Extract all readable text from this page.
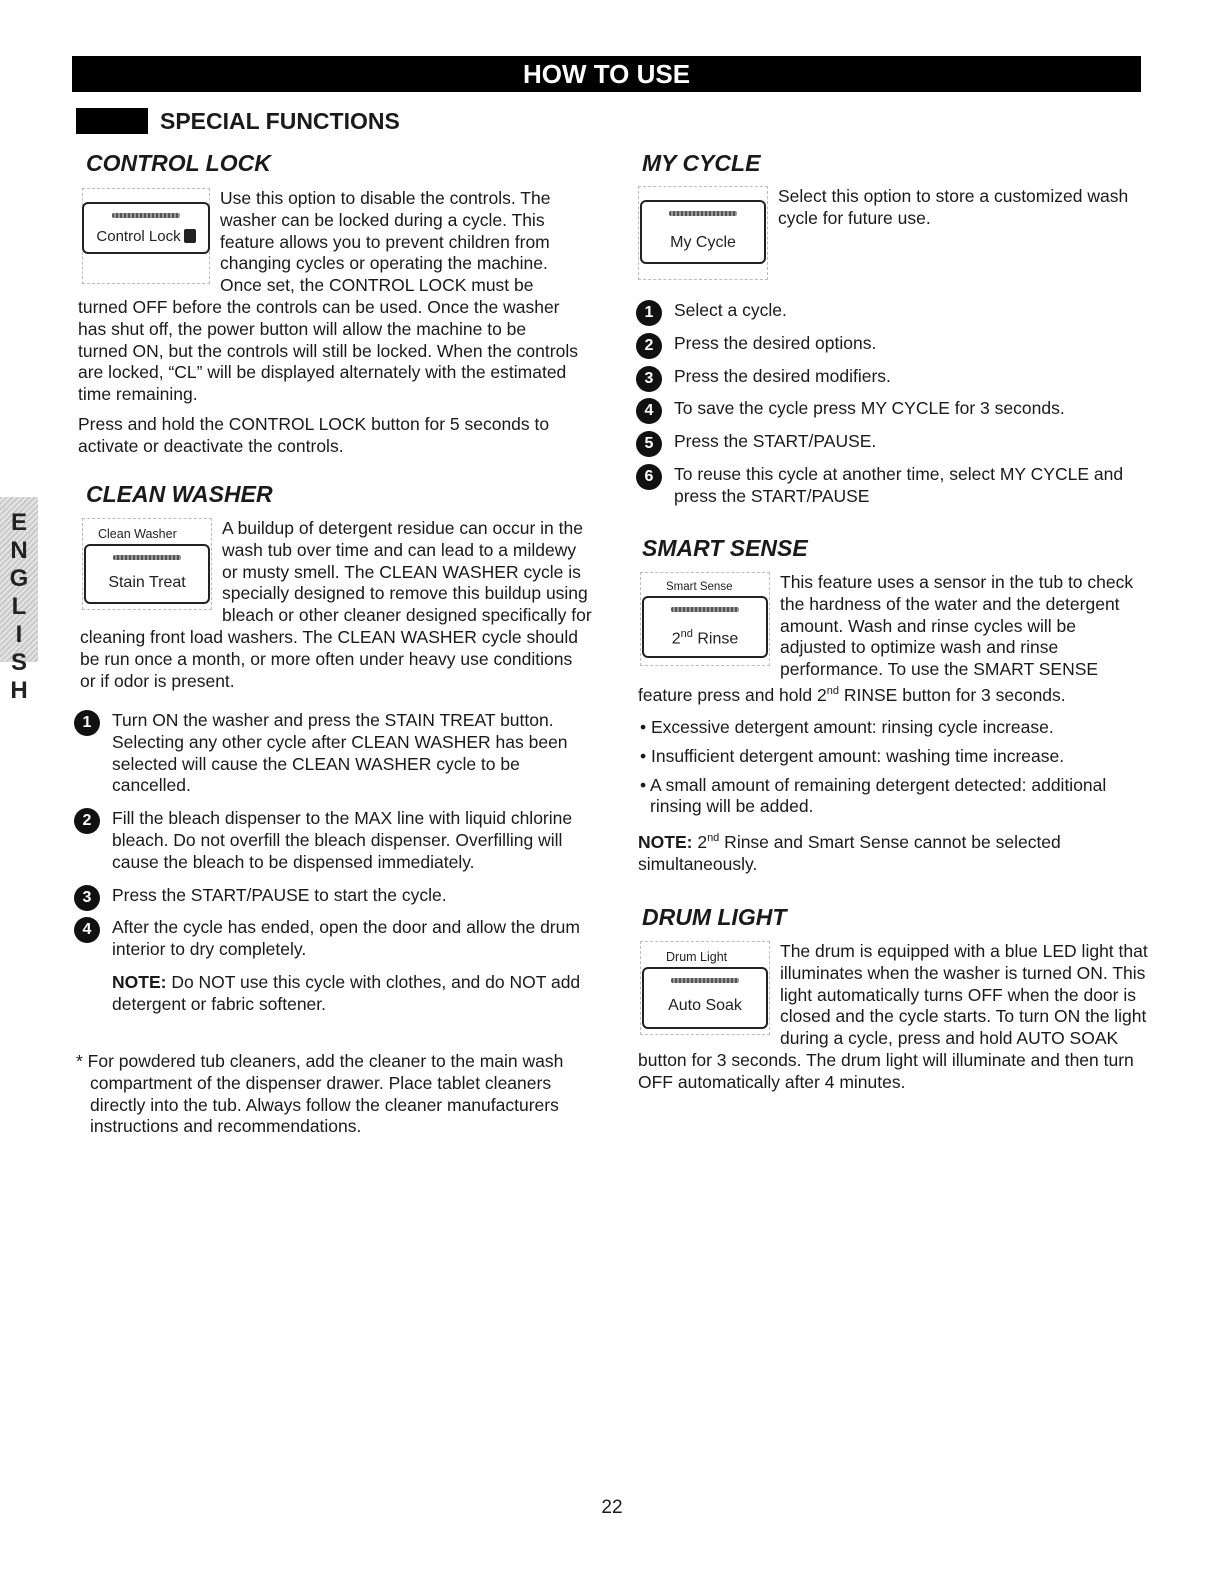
HOW TO USE
SPECIAL FUNCTIONS
E
N
G
L
I
S
H
CONTROL LOCK
Control Lock

Use this option to disable the controls. The washer can be locked during a cycle. This feature allows you to prevent children from changing cycles or operating the machine. Once set, the CONTROL LOCK must be turned OFF before the controls can be used. Once the washer has shut off, the power button will allow the machine to be turned ON, but the controls will still be locked. When the controls are locked, “CL” will be displayed alternately with the estimated time remaining.

Press and hold the CONTROL LOCK button for 5 seconds to activate or deactivate the controls.

CLEAN WASHER
Clean Washer
Stain Treat

A buildup of detergent residue can occur in the wash tub over time and can lead to a mildewy or musty smell. The CLEAN WASHER cycle is specially designed to remove this buildup using bleach or other cleaner designed specifically for cleaning front load washers. The CLEAN WASHER cycle should be run once a month, or more often under heavy use conditions or if odor is present.

1	Turn ON the washer and press the STAIN TREAT button. Selecting any other cycle after CLEAN WASHER has been selected will cause the CLEAN WASHER cycle to be cancelled.
2	Fill the bleach dispenser to the MAX line with liquid chlorine bleach. Do not overfill the bleach dispenser. Overfilling will cause the bleach to be dispensed immediately.
3	Press the START/PAUSE to start the cycle.
4	After the cycle has ended, open the door and allow the drum interior to dry completely.
NOTE: Do NOT use this cycle with clothes, and do NOT add detergent or fabric softener.

* For powdered tub cleaners, add the cleaner to the main wash compartment of the dispenser drawer. Place tablet cleaners directly into the tub. Always follow the cleaner manufacturers instructions and recommendations.

MY CYCLE
My Cycle

Select this option to store a customized wash cycle for future use.

1	Select a cycle.
2	Press the desired options.
3	Press the desired modifiers.
4	To save the cycle press MY CYCLE for 3 seconds.
5	Press the START/PAUSE.
6	To reuse this cycle at another time, select MY CYCLE and press the START/PAUSE
SMART SENSE
Smart Sense
2nd Rinse

This feature uses a sensor in the tub to check the hardness of the water and the detergent amount. Wash and rinse cycles will be adjusted to optimize wash and rinse performance. To use the SMART SENSE feature press and hold 2nd RINSE button for 3 seconds.

• Excessive detergent amount: rinsing cycle increase.
• Insufficient detergent amount: washing time increase.
• A small amount of remaining detergent detected: additional rinsing will be added.

NOTE: 2nd Rinse and Smart Sense cannot be selected simultaneously.

DRUM LIGHT
Drum Light
Auto Soak

The drum is equipped with a blue LED light that illuminates when the washer is turned ON. This light automatically turns OFF when the door is closed and the cycle starts. To turn ON the light during a cycle, press and hold AUTO SOAK button for 3 seconds. The drum light will illuminate and then turn OFF automatically after 4 minutes.

22
